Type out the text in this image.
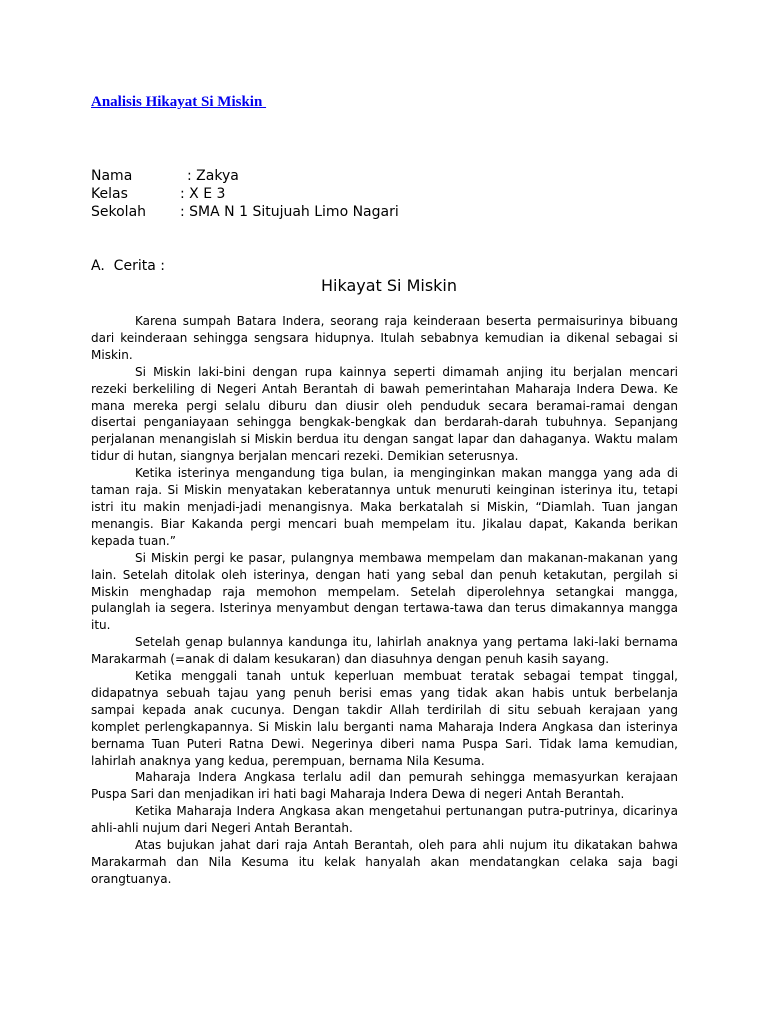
Analisis Hikayat Si Miskin
Nama	: Zakya
Kelas	: X E 3
Sekolah	: SMA N 1 Situjuah Limo Nagari
A.  Cerita :
Hikayat Si Miskin

Karena sumpah Batara Indera, seorang raja keinderaan beserta permaisurinya bibuang dari keinderaan sehingga sengsara hidupnya. Itulah sebabnya kemudian ia dikenal sebagai si Miskin.

Si Miskin laki-bini dengan rupa kainnya seperti dimamah anjing itu berjalan mencari rezeki berkeliling di Negeri Antah Berantah di bawah pemerintahan Maharaja Indera Dewa. Ke mana mereka pergi selalu diburu dan diusir oleh penduduk secara beramai-ramai dengan disertai penganiayaan sehingga bengkak-bengkak dan berdarah-darah tubuhnya. Sepanjang perjalanan menangislah si Miskin berdua itu dengan sangat lapar dan dahaganya. Waktu malam tidur di hutan, siangnya berjalan mencari rezeki. Demikian seterusnya.

Ketika isterinya mengandung tiga bulan, ia menginginkan makan mangga yang ada di taman raja. Si Miskin menyatakan keberatannya untuk menuruti keinginan isterinya itu, tetapi istri itu makin menjadi-jadi menangisnya. Maka berkatalah si Miskin, “Diamlah. Tuan jangan menangis. Biar Kakanda pergi mencari buah mempelam itu. Jikalau dapat, Kakanda berikan kepada tuan.”

Si Miskin pergi ke pasar, pulangnya membawa mempelam dan makanan-makanan yang lain. Setelah ditolak oleh isterinya, dengan hati yang sebal dan penuh ketakutan, pergilah si Miskin menghadap raja memohon mempelam. Setelah diperolehnya setangkai mangga, pulanglah ia segera. Isterinya menyambut dengan tertawa-tawa dan terus dimakannya mangga itu.

Setelah genap bulannya kandunga itu, lahirlah anaknya yang pertama laki-laki bernama Marakarmah (=anak di dalam kesukaran) dan diasuhnya dengan penuh kasih sayang.

Ketika menggali tanah untuk keperluan membuat teratak sebagai tempat tinggal, didapatnya sebuah tajau yang penuh berisi emas yang tidak akan habis untuk berbelanja sampai kepada anak cucunya. Dengan takdir Allah terdirilah di situ sebuah kerajaan yang komplet perlengkapannya. Si Miskin lalu berganti nama Maharaja Indera Angkasa dan isterinya bernama Tuan Puteri Ratna Dewi. Negerinya diberi nama Puspa Sari. Tidak lama kemudian, lahirlah anaknya yang kedua, perempuan, bernama Nila Kesuma.

Maharaja Indera Angkasa terlalu adil dan pemurah sehingga memasyurkan kerajaan Puspa Sari dan menjadikan iri hati bagi Maharaja Indera Dewa di negeri Antah Berantah.

Ketika Maharaja Indera Angkasa akan mengetahui pertunangan putra-putrinya, dicarinya ahli-ahli nujum dari Negeri Antah Berantah.

Atas bujukan jahat dari raja Antah Berantah, oleh para ahli nujum itu dikatakan bahwa Marakarmah dan Nila Kesuma itu kelak hanyalah akan mendatangkan celaka saja bagi orangtuanya.
